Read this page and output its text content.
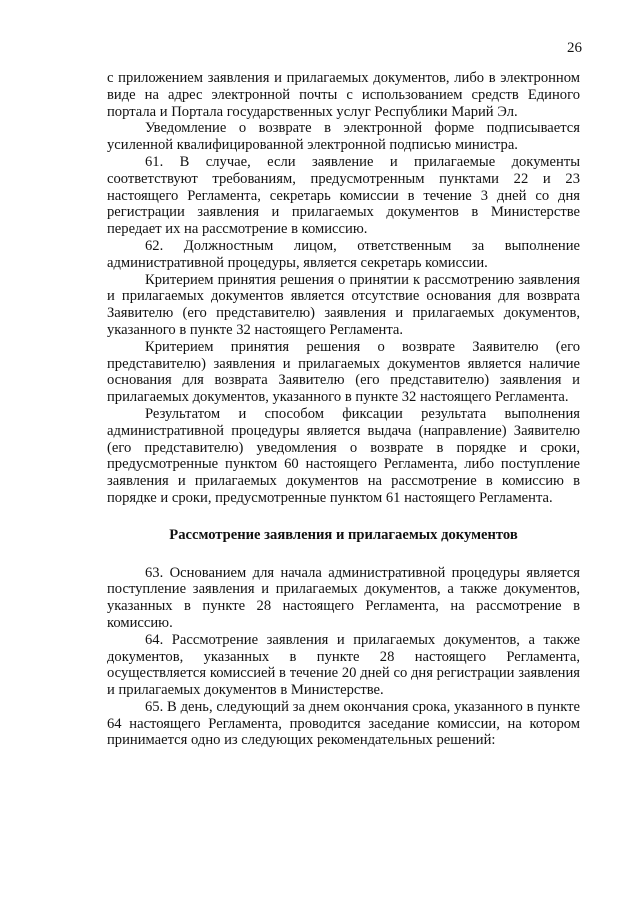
26

с приложением заявления и прилагаемых документов, либо в электронном виде на адрес электронной почты с использованием средств Единого портала и Портала государственных услуг Республики Марий Эл.

Уведомление о возврате в электронной форме подписывается усиленной квалифицированной электронной подписью министра.

61. В случае, если заявление и прилагаемые документы соответствуют требованиям, предусмотренным пунктами 22 и 23 настоящего Регламента, секретарь комиссии в течение 3 дней со дня регистрации заявления и прилагаемых документов в Министерстве передает их на рассмотрение в комиссию.

62. Должностным лицом, ответственным за выполнение административной процедуры, является секретарь комиссии.

Критерием принятия решения о принятии к рассмотрению заявления и прилагаемых документов является отсутствие основания для возврата Заявителю (его представителю) заявления и прилагаемых документов, указанного в пункте 32 настоящего Регламента.

Критерием принятия решения о возврате Заявителю (его представителю) заявления и прилагаемых документов является наличие основания для возврата Заявителю (его представителю) заявления и прилагаемых документов, указанного в пункте 32 настоящего Регламента.

Результатом и способом фиксации результата выполнения административной процедуры является выдача (направление) Заявителю (его представителю) уведомления о возврате в порядке и сроки, предусмотренные пунктом 60 настоящего Регламента, либо поступление заявления и прилагаемых документов на рассмотрение в комиссию в порядке и сроки, предусмотренные пунктом 61 настоящего Регламента.

Рассмотрение заявления и прилагаемых документов

63. Основанием для начала административной процедуры является поступление заявления и прилагаемых документов, а также документов, указанных в пункте 28 настоящего Регламента, на рассмотрение в комиссию.

64. Рассмотрение заявления и прилагаемых документов, а также документов, указанных в пункте 28 настоящего Регламента, осуществляется комиссией в течение 20 дней со дня регистрации заявления и прилагаемых документов в Министерстве.

65. В день, следующий за днем окончания срока, указанного в пункте 64 настоящего Регламента, проводится заседание комиссии, на котором принимается одно из следующих рекомендательных решений:
